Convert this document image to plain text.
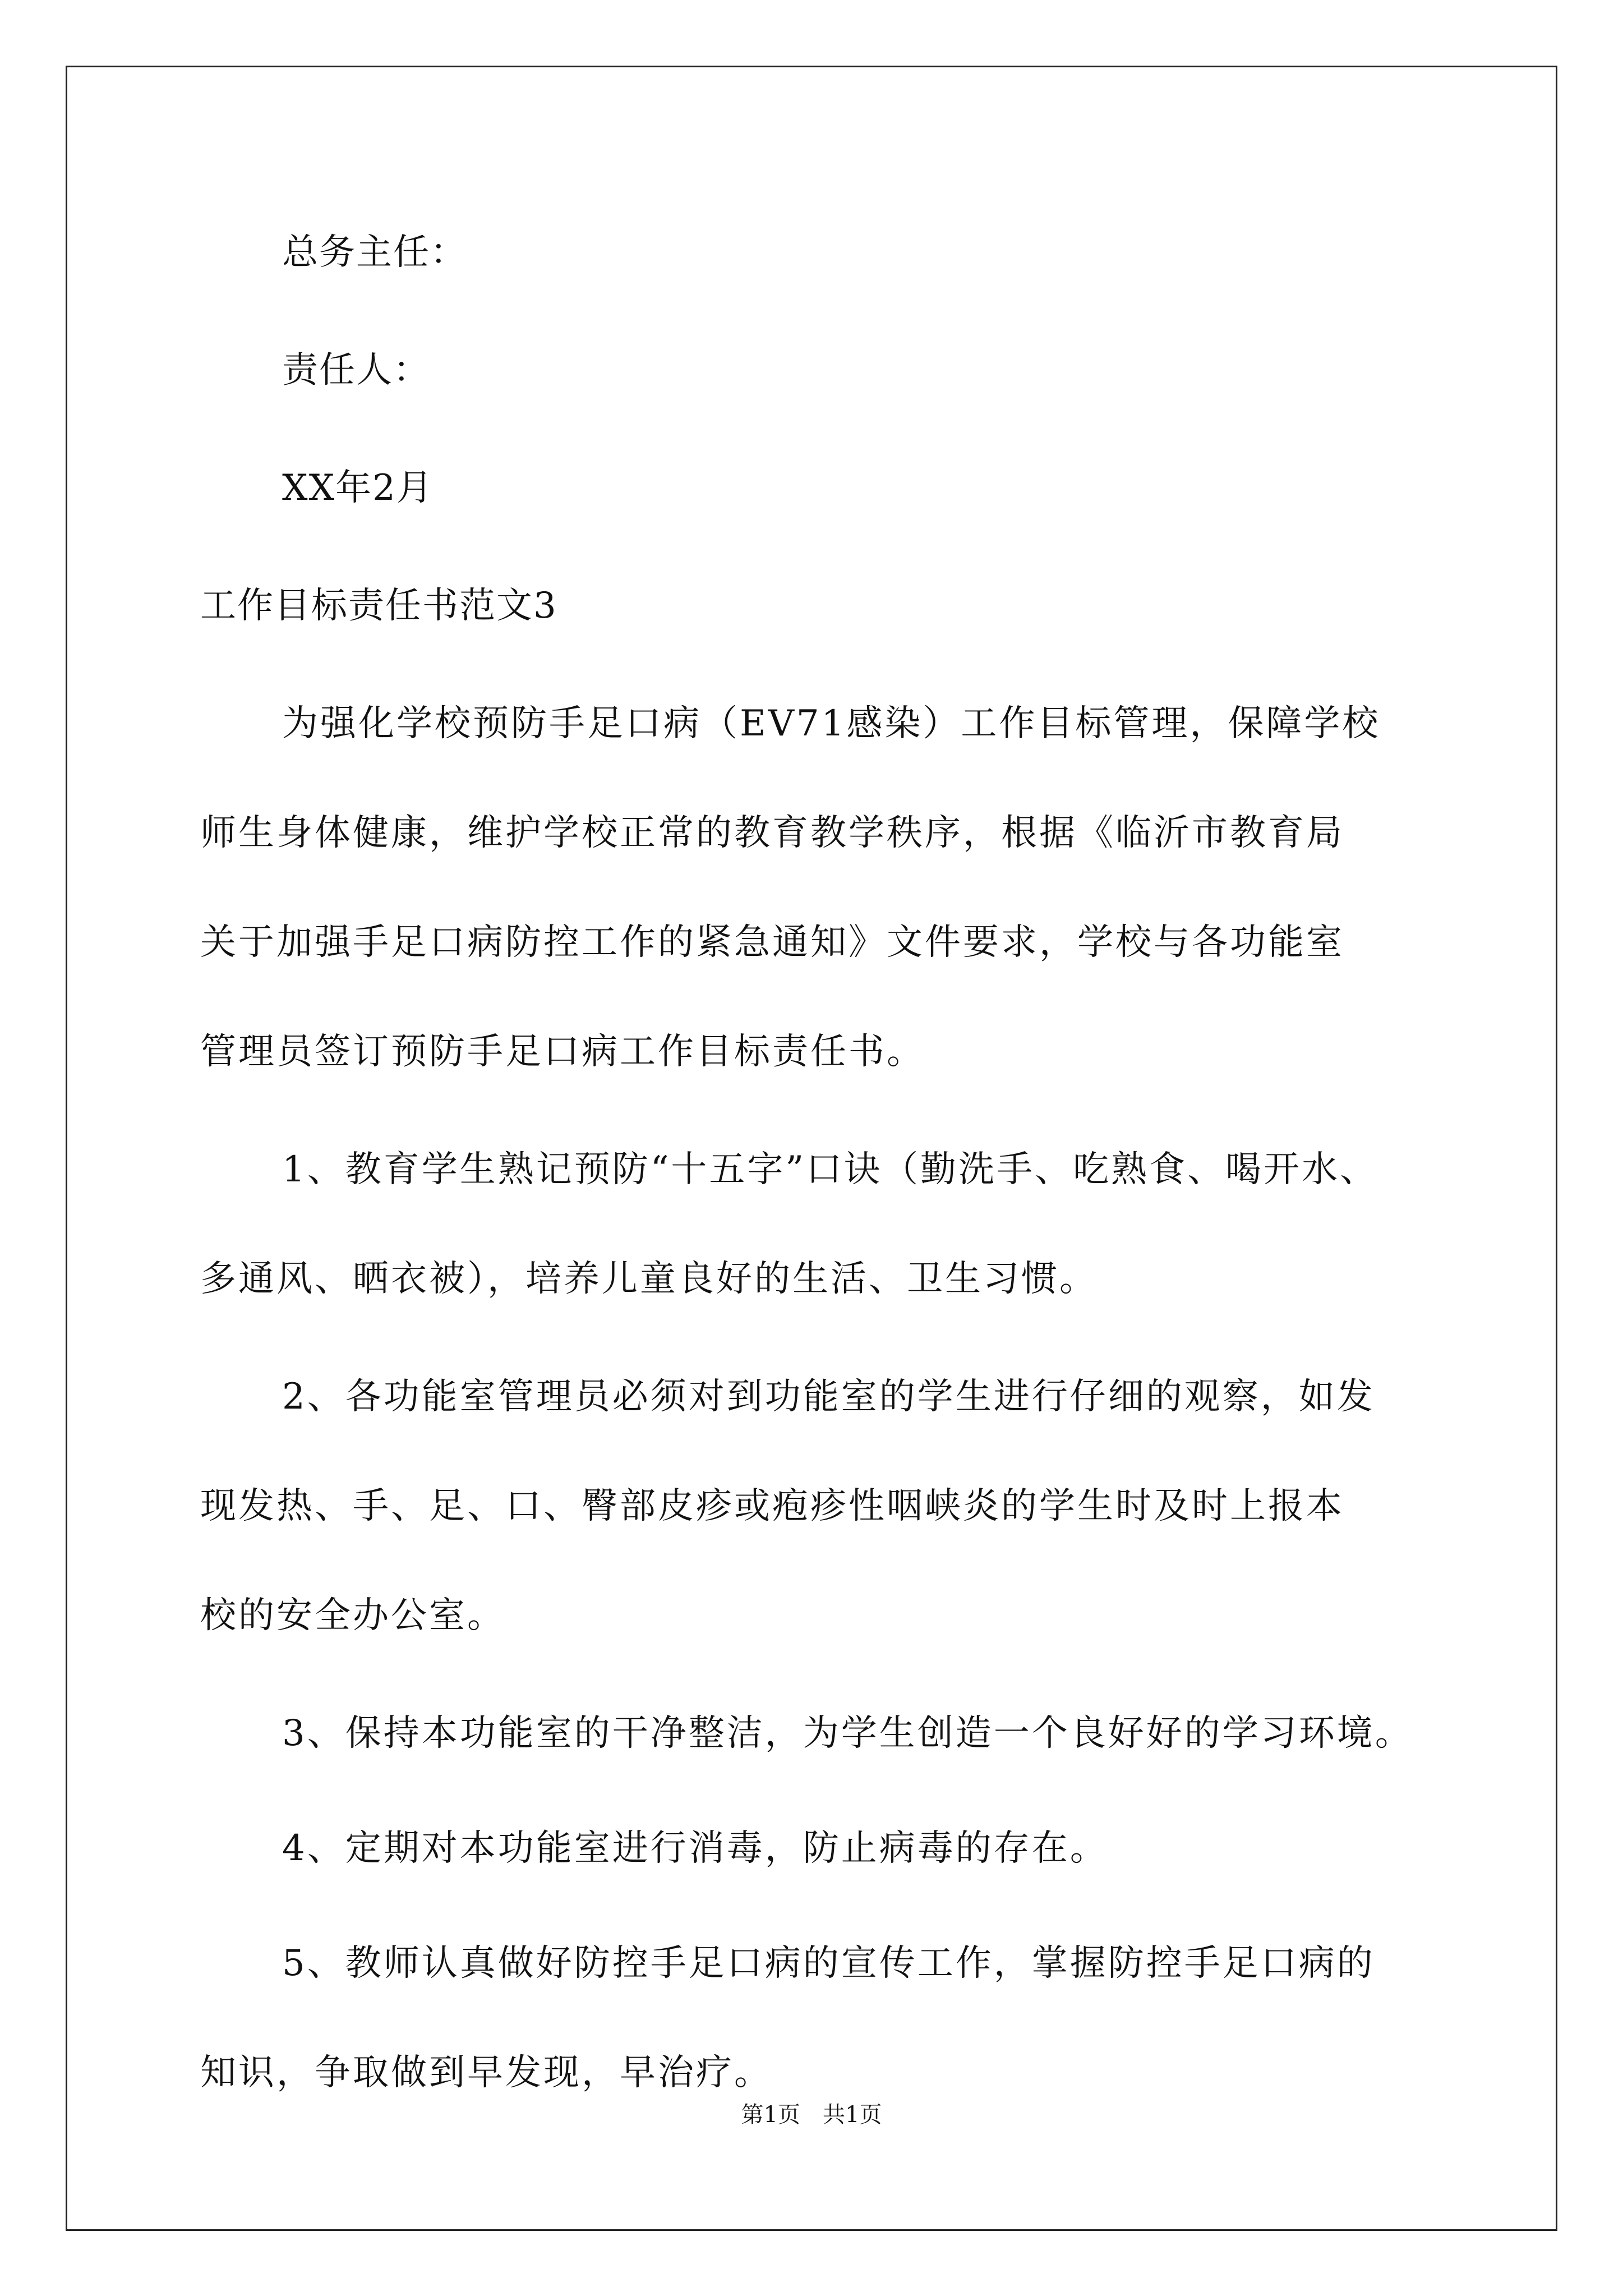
总务主任：
责任人：
XX年2月
工作目标责任书范文3
为强化学校预防手足口病（EV71感染）工作目标管理，保障学校
师生身体健康，维护学校正常的教育教学秩序，根据《临沂市教育局
关于加强手足口病防控工作的紧急通知》文件要求，学校与各功能室
管理员签订预防手足口病工作目标责任书。
1、教育学生熟记预防“十五字”口诀（勤洗手、吃熟食、喝开水、
多通风、晒衣被），培养儿童良好的生活、卫生习惯。
2、各功能室管理员必须对到功能室的学生进行仔细的观察，如发
现发热、手、足、口、臀部皮疹或疱疹性咽峡炎的学生时及时上报本
校的安全办公室。
3、保持本功能室的干净整洁，为学生创造一个良好好的学习环境。
4、定期对本功能室进行消毒，防止病毒的存在。
5、教师认真做好防控手足口病的宣传工作，掌握防控手足口病的
知识，争取做到早发现，早治疗。
第1页　共1页
